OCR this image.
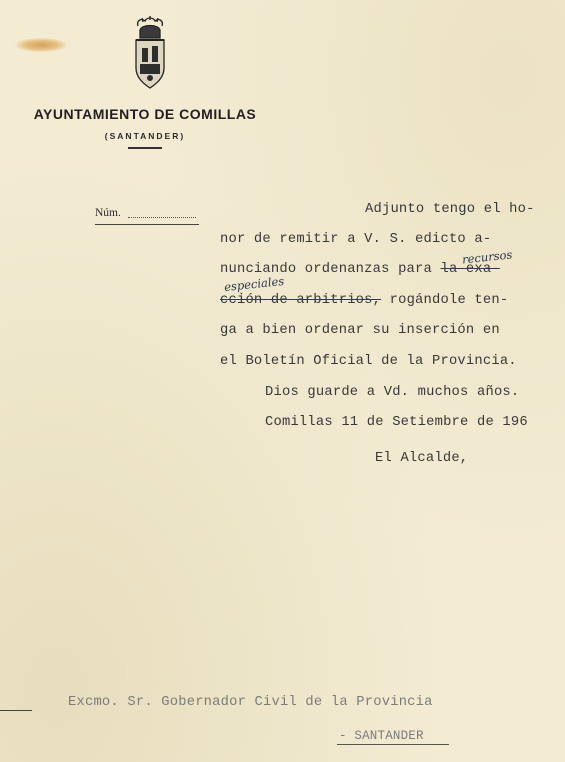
AYUNTAMIENTO DE COMILLAS
(SANTANDER)
Núm.	Adjunto tengo el ho-
nor de remitir a V. S. edicto a-
nunciando ordenanzas para la exa-
recursos
cción de arbitrios, rogándole ten-
especiales
ga a bien ordenar su inserción en
el Boletín Oficial de la Provincia.
Dios guarde a Vd. muchos años.
Comillas 11 de Setiembre de 196
El Alcalde,
Excmo. Sr. Gobernador Civil de la Provincia
- SANTANDER
